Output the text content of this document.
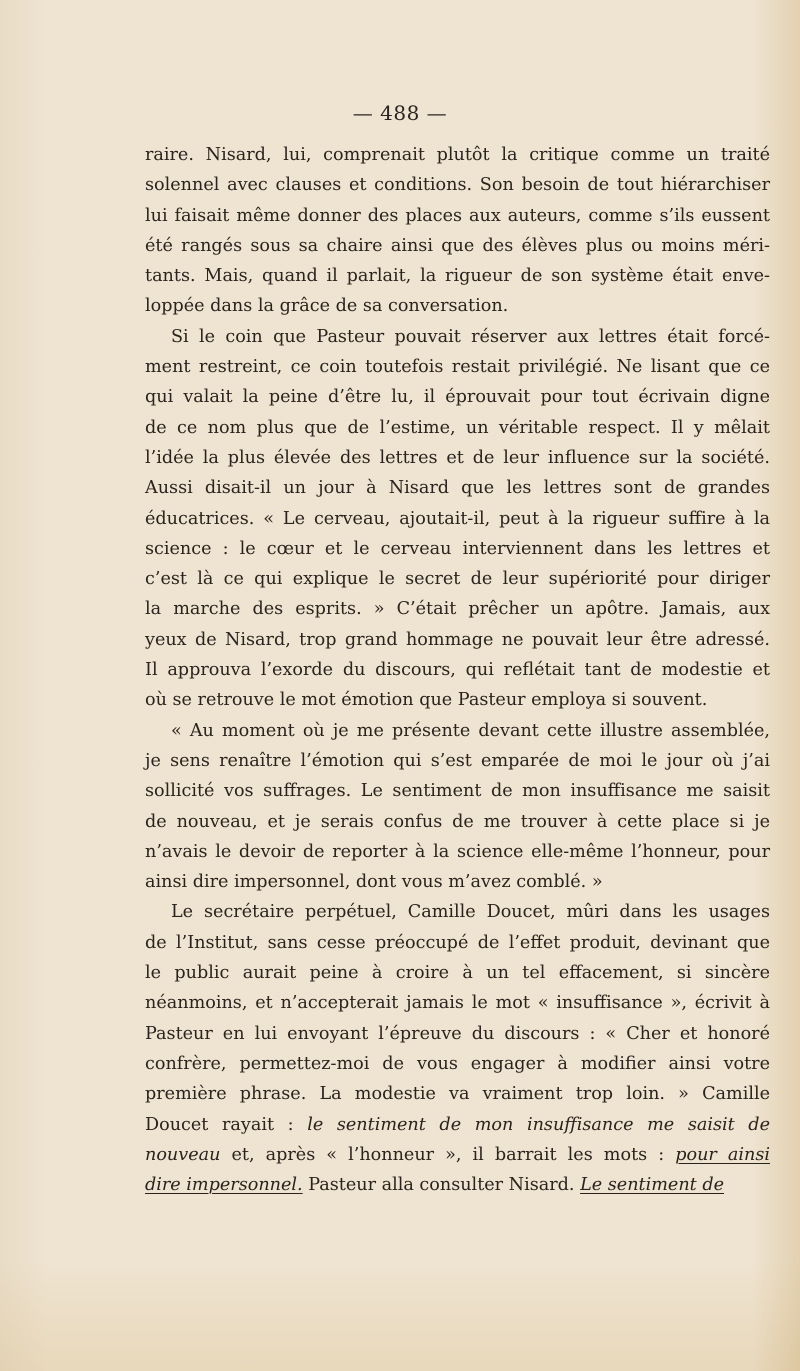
— 488 —
raire. Nisard, lui, comprenait plutôt la critique comme un traité
solennel avec clauses et conditions. Son besoin de tout hiérarchiser
lui faisait même donner des places aux auteurs, comme s’ils eussent
été rangés sous sa chaire ainsi que des élèves plus ou moins méri-
tants. Mais, quand il parlait, la rigueur de son système était enve-
loppée dans la grâce de sa conversation.
Si le coin que Pasteur pouvait réserver aux lettres était forcé-
ment restreint, ce coin toutefois restait privilégié. Ne lisant que ce
qui valait la peine d’être lu, il éprouvait pour tout écrivain digne
de ce nom plus que de l’estime, un véritable respect. Il y mêlait
l’idée la plus élevée des lettres et de leur influence sur la société.
Aussi disait-il un jour à Nisard que les lettres sont de grandes
éducatrices. « Le cerveau, ajoutait-il, peut à la rigueur suffire à la
science : le cœur et le cerveau interviennent dans les lettres et
c’est là ce qui explique le secret de leur supériorité pour diriger
la marche des esprits. » C’était prêcher un apôtre. Jamais, aux
yeux de Nisard, trop grand hommage ne pouvait leur être adressé.
Il approuva l’exorde du discours, qui reflétait tant de modestie et
où se retrouve le mot émotion que Pasteur employa si souvent.
« Au moment où je me présente devant cette illustre assemblée,
je sens renaître l’émotion qui s’est emparée de moi le jour où j’ai
sollicité vos suffrages. Le sentiment de mon insuffisance me saisit
de nouveau, et je serais confus de me trouver à cette place si je
n’avais le devoir de reporter à la science elle-même l’honneur, pour
ainsi dire impersonnel, dont vous m’avez comblé. »
Le secrétaire perpétuel, Camille Doucet, mûri dans les usages
de l’Institut, sans cesse préoccupé de l’effet produit, devinant que
le public aurait peine à croire à un tel effacement, si sincère
néanmoins, et n’accepterait jamais le mot « insuffisance », écrivit à
Pasteur en lui envoyant l’épreuve du discours : « Cher et honoré
confrère, permettez-moi de vous engager à modifier ainsi votre
première phrase. La modestie va vraiment trop loin. » Camille
Doucet rayait : le sentiment de mon insuffisance me saisit de
nouveau et, après « l’honneur », il barrait les mots : pour ainsi
dire impersonnel. Pasteur alla consulter Nisard. Le sentiment de
